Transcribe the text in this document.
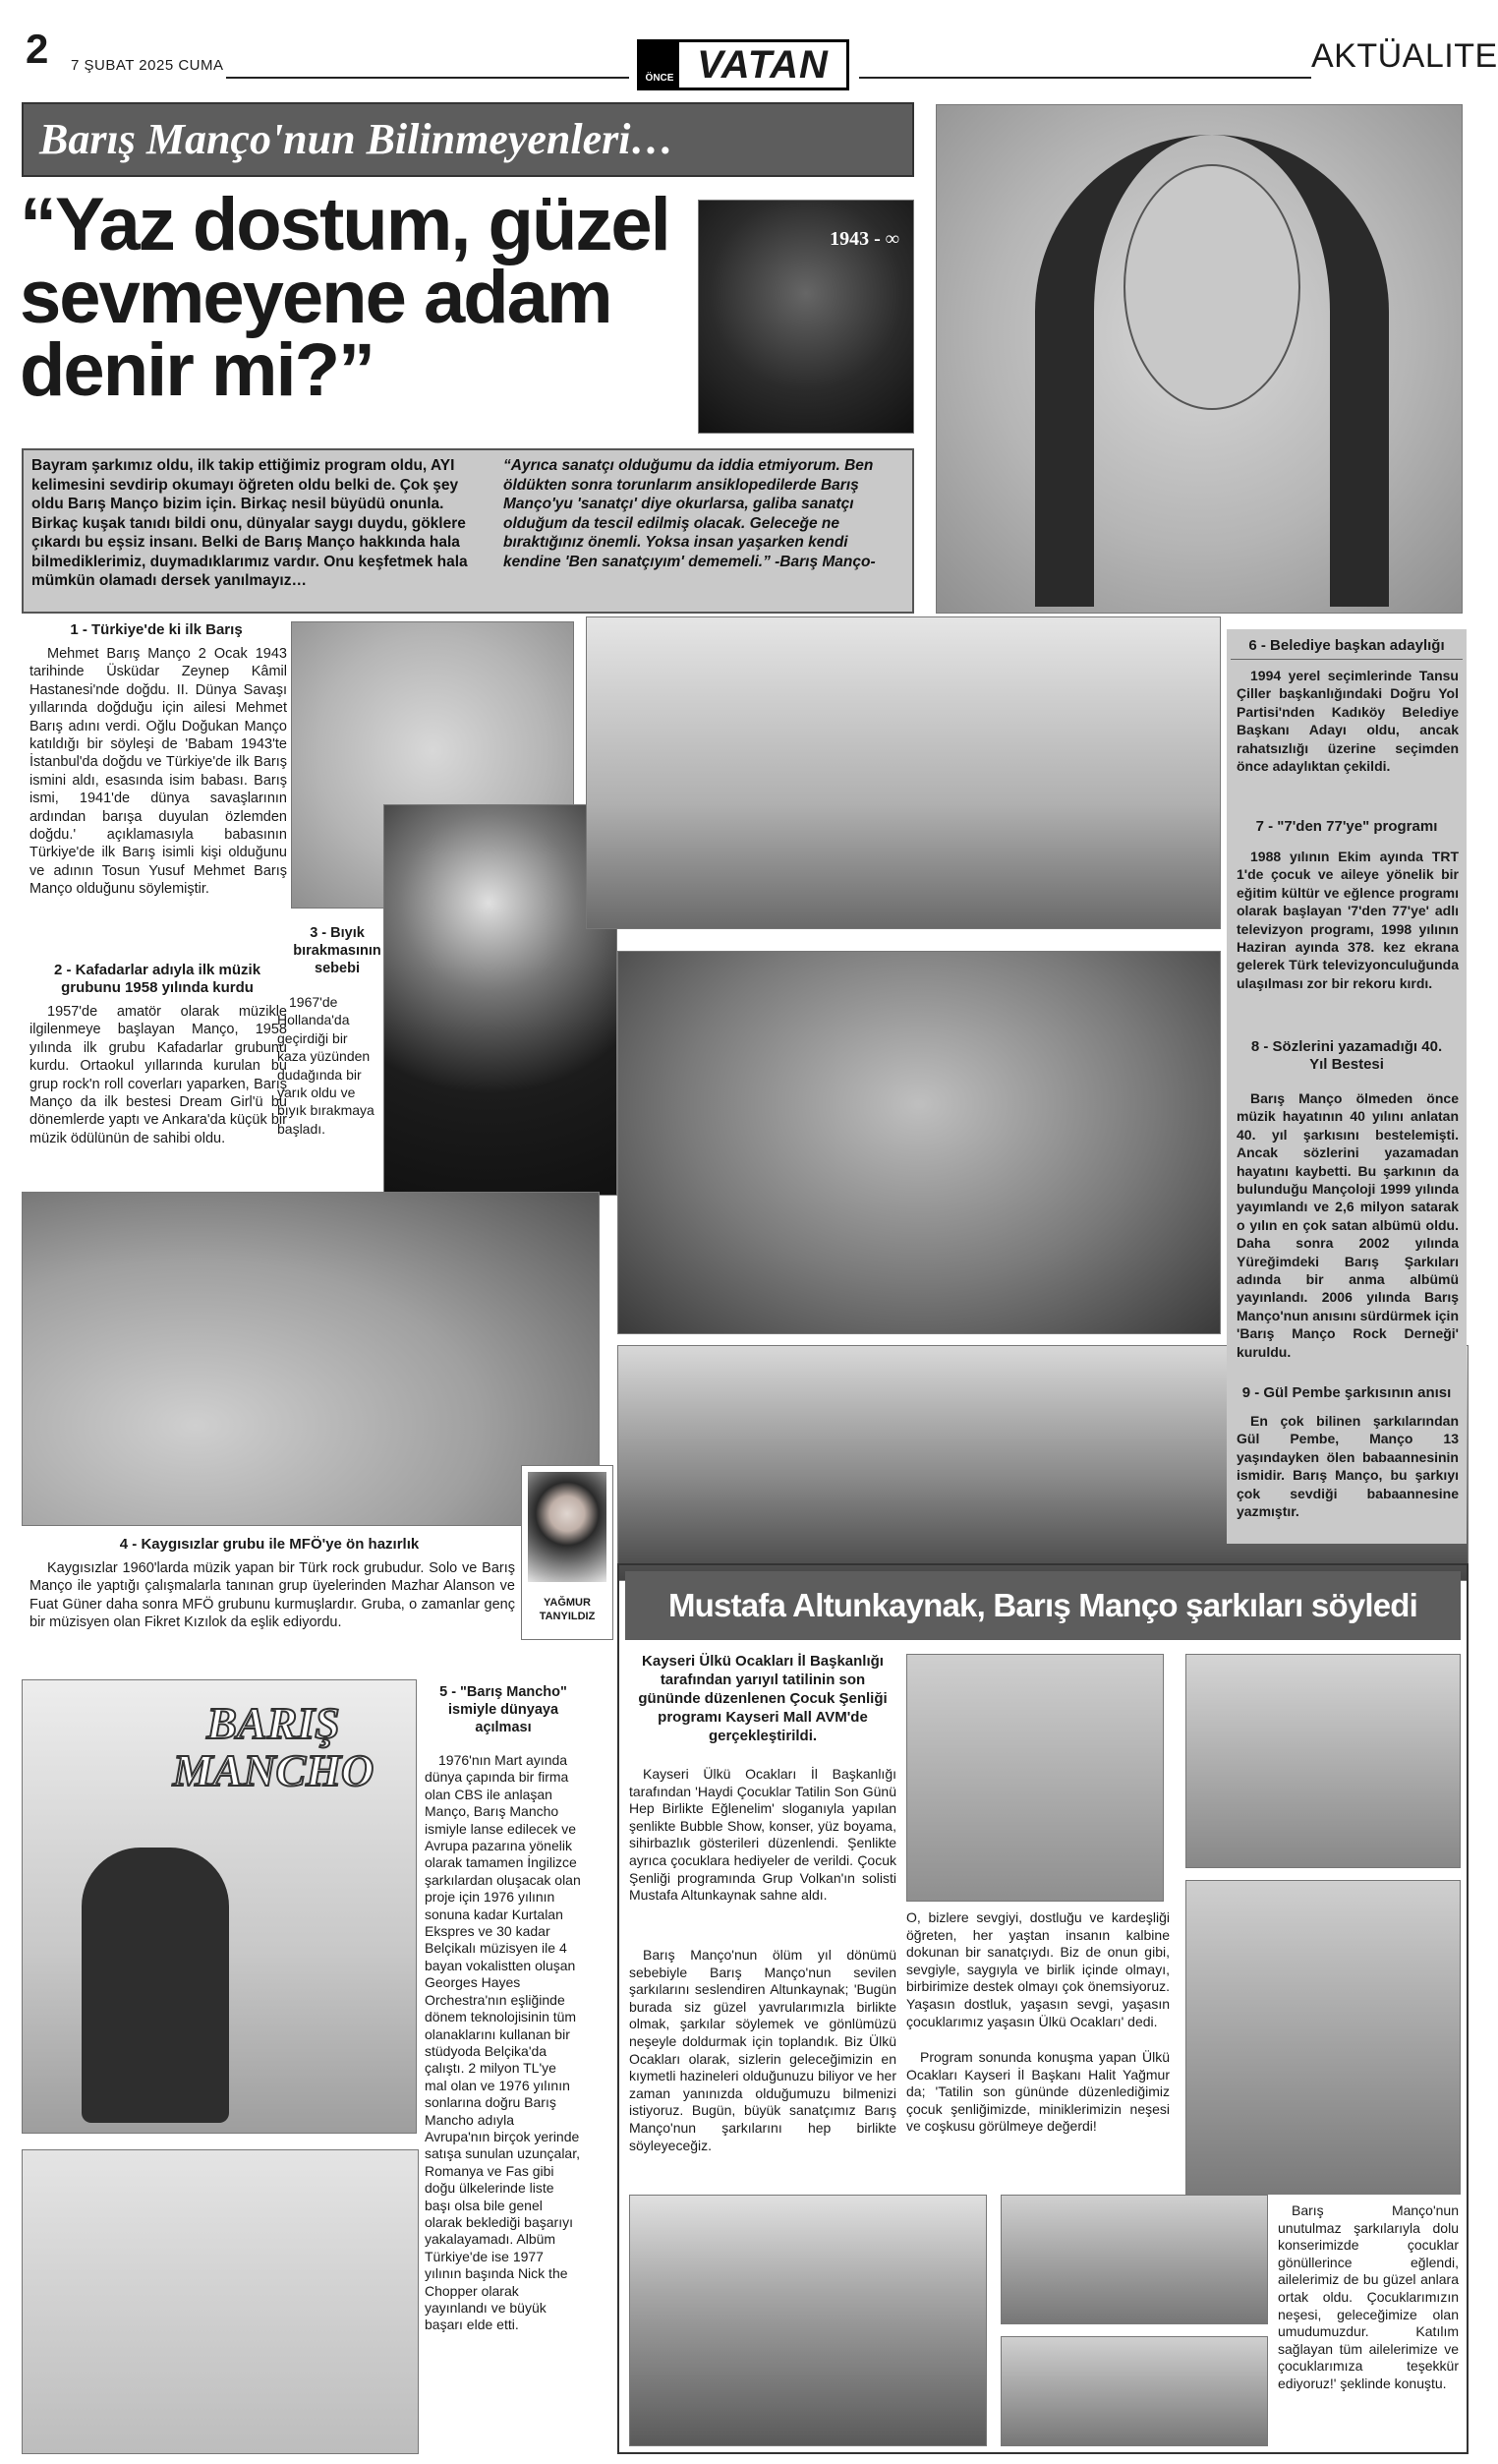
2 7 ŞUBAT 2025 CUMA
ÖNCE VATAN	AKTÜALITE
Barış Manço'nun Bilinmeyenleri…
“Yaz dostum, güzel sevmeyene adam denir mi?”
1943 - ∞
Bayram şarkımız oldu, ilk takip ettiğimiz program oldu, AYI kelimesini sevdirip okumayı öğreten oldu belki de. Çok şey oldu Barış Manço bizim için. Birkaç nesil büyüdü onunla. Birkaç kuşak tanıdı bildi onu, dünyalar saygı duydu, göklere çıkardı bu eşsiz insanı. Belki de Barış Manço hakkında hala bilmediklerimiz, duymadıklarımız vardır. Onu keşfetmek hala mümkün olamadı dersek yanılmayız…
“Ayrıca sanatçı olduğumu da iddia etmiyorum. Ben öldükten sonra torunlarım ansiklopedilerde Barış Manço'yu 'sanatçı' diye okurlarsa, galiba sanatçı olduğum da tescil edilmiş olacak. Geleceğe ne bıraktığınız önemli. Yoksa insan yaşarken kendi kendine 'Ben sanatçıyım' dememeli.” -Barış Manço-
1 - Türkiye'de ki ilk Barış
Mehmet Barış Manço 2 Ocak 1943 tarihinde Üsküdar Zeynep Kâmil Hastanesi'nde doğdu. II. Dünya Savaşı yıllarında doğduğu için ailesi Mehmet Barış adını verdi. Oğlu Doğukan Manço katıldığı bir söyleşi de 'Babam 1943'te İstanbul'da doğdu ve Türkiye'de ilk Barış ismini aldı, esasında isim babası. Barış ismi, 1941'de dünya savaşlarının ardından barışa duyulan özlemden doğdu.' açıklamasıyla babasının Türkiye'de ilk Barış isimli kişi olduğunu ve adının Tosun Yusuf Mehmet Barış Manço olduğunu söylemiştir.
2 - Kafadarlar adıyla ilk müzik grubunu 1958 yılında kurdu
1957'de amatör olarak müzikle ilgilenmeye başlayan Manço, 1958 yılında ilk grubu Kafadarlar grubunu kurdu. Ortaokul yıllarında kurulan bu grup rock'n roll coverları yaparken, Barış Manço da ilk bestesi Dream Girl'ü bu dönemlerde yaptı ve Ankara'da küçük bir müzik ödülünün de sahibi oldu.
3 - Bıyık bırakmasının sebebi
1967'de Hollanda'da geçirdiği bir kaza yüzünden dudağında bir yarık oldu ve bıyık bırakmaya başladı.
6 - Belediye başkan adaylığı
1994 yerel seçimlerinde Tansu Çiller başkanlığındaki Doğru Yol Partisi'nden Kadıköy Belediye Başkanı Adayı oldu, ancak rahatsızlığı üzerine seçimden önce adaylıktan çekildi.
7 - "7'den 77'ye" programı
1988 yılının Ekim ayında TRT 1'de çocuk ve aileye yönelik bir eğitim kültür ve eğlence programı olarak başlayan '7'den 77'ye' adlı televizyon programı, 1998 yılının Haziran ayında 378. kez ekrana gelerek Türk televizyonculuğunda ulaşılması zor bir rekoru kırdı.
8 - Sözlerini yazamadığı 40. Yıl Bestesi
Barış Manço ölmeden önce müzik hayatının 40 yılını anlatan 40. yıl şarkısını bestelemişti. Ancak sözlerini yazamadan hayatını kaybetti. Bu şarkının da bulunduğu Mançoloji 1999 yılında yayımlandı ve 2,6 milyon satarak o yılın en çok satan albümü oldu. Daha sonra 2002 yılında Yüreğimdeki Barış Şarkıları adında bir anma albümü yayınlandı. 2006 yılında Barış Manço'nun anısını sürdürmek için 'Barış Manço Rock Derneği' kuruldu.
9 - Gül Pembe şarkısının anısı
En çok bilinen şarkılarından Gül Pembe, Manço 13 yaşındayken ölen babaannesinin ismidir. Barış Manço, bu şarkıyı çok sevdiği babaannesine yazmıştır.
YAĞMUR TANYILDIZ
4 - Kaygısızlar grubu ile MFÖ'ye ön hazırlık
Kaygısızlar 1960'larda müzik yapan bir Türk rock grubudur. Solo ve Barış Manço ile yaptığı çalışmalarla tanınan grup üyelerinden Mazhar Alanson ve Fuat Güner daha sonra MFÖ grubunu kurmuşlardır. Gruba, o zamanlar genç bir müzisyen olan Fikret Kızılok da eşlik ediyordu.
BARIŞ MANCHO
5 - "Barış Mancho" ismiyle dünyaya açılması
1976'nın Mart ayında dünya çapında bir firma olan CBS ile anlaşan Manço, Barış Mancho ismiyle lanse edilecek ve Avrupa pazarına yönelik olarak tamamen İngilizce şarkılardan oluşacak olan proje için 1976 yılının sonuna kadar Kurtalan Ekspres ve 30 kadar Belçikalı müzisyen ile 4 bayan vokalistten oluşan Georges Hayes Orchestra'nın eşliğinde dönem teknolojisinin tüm olanaklarını kullanan bir stüdyoda Belçika'da çalıştı. 2 milyon TL'ye mal olan ve 1976 yılının sonlarına doğru Barış Mancho adıyla Avrupa'nın birçok yerinde satışa sunulan uzunçalar, Romanya ve Fas gibi doğu ülkelerinde liste başı olsa bile genel olarak beklediği başarıyı yakalayamadı. Albüm Türkiye'de ise 1977 yılının başında Nick the Chopper olarak yayınlandı ve büyük başarı elde etti.
Mustafa Altunkaynak, Barış Manço şarkıları söyledi
Kayseri Ülkü Ocakları İl Başkanlığı tarafından yarıyıl tatilinin son gününde düzenlenen Çocuk Şenliği programı Kayseri Mall AVM'de gerçekleştirildi.
Kayseri Ülkü Ocakları İl Başkanlığı tarafından 'Haydi Çocuklar Tatilin Son Günü Hep Birlikte Eğlenelim' sloganıyla yapılan şenlikte Bubble Show, konser, yüz boyama, sihirbazlık gösterileri düzenlendi. Şenlikte ayrıca çocuklara hediyeler de verildi. Çocuk Şenliği programında Grup Volkan'ın solisti Mustafa Altunkaynak sahne aldı.
Barış Manço'nun ölüm yıl dönümü sebebiyle Barış Manço'nun sevilen şarkılarını seslendiren Altunkaynak; 'Bugün burada siz güzel yavrularımızla birlikte olmak, şarkılar söylemek ve gönlümüzü neşeyle doldurmak için toplandık. Biz Ülkü Ocakları olarak, sizlerin geleceğimizin en kıymetli hazineleri olduğunuzu biliyor ve her zaman yanınızda olduğumuzu bilmenizi istiyoruz. Bugün, büyük sanatçımız Barış Manço'nun şarkılarını hep birlikte söyleyeceğiz.
O, bizlere sevgiyi, dostluğu ve kardeşliği öğreten, her yaştan insanın kalbine dokunan bir sanatçıydı. Biz de onun gibi, sevgiyle, saygıyla ve birlik içinde olmayı, birbirimize destek olmayı çok önemsiyoruz. Yaşasın dostluk, yaşasın sevgi, yaşasın çocuklarımız yaşasın Ülkü Ocakları' dedi.
Program sonunda konuşma yapan Ülkü Ocakları Kayseri İl Başkanı Halit Yağmur da; 'Tatilin son gününde düzenlediğimiz çocuk şenliğimizde, miniklerimizin neşesi ve coşkusu görülmeye değerdi!
Barış Manço'nun unutulmaz şarkılarıyla dolu konserimizde çocuklar gönüllerince eğlendi, ailelerimiz de bu güzel anlara ortak oldu. Çocuklarımızın neşesi, geleceğimize olan umudumuzdur. Katılım sağlayan tüm ailelerimize ve çocuklarımıza teşekkür ediyoruz!' şeklinde konuştu.
